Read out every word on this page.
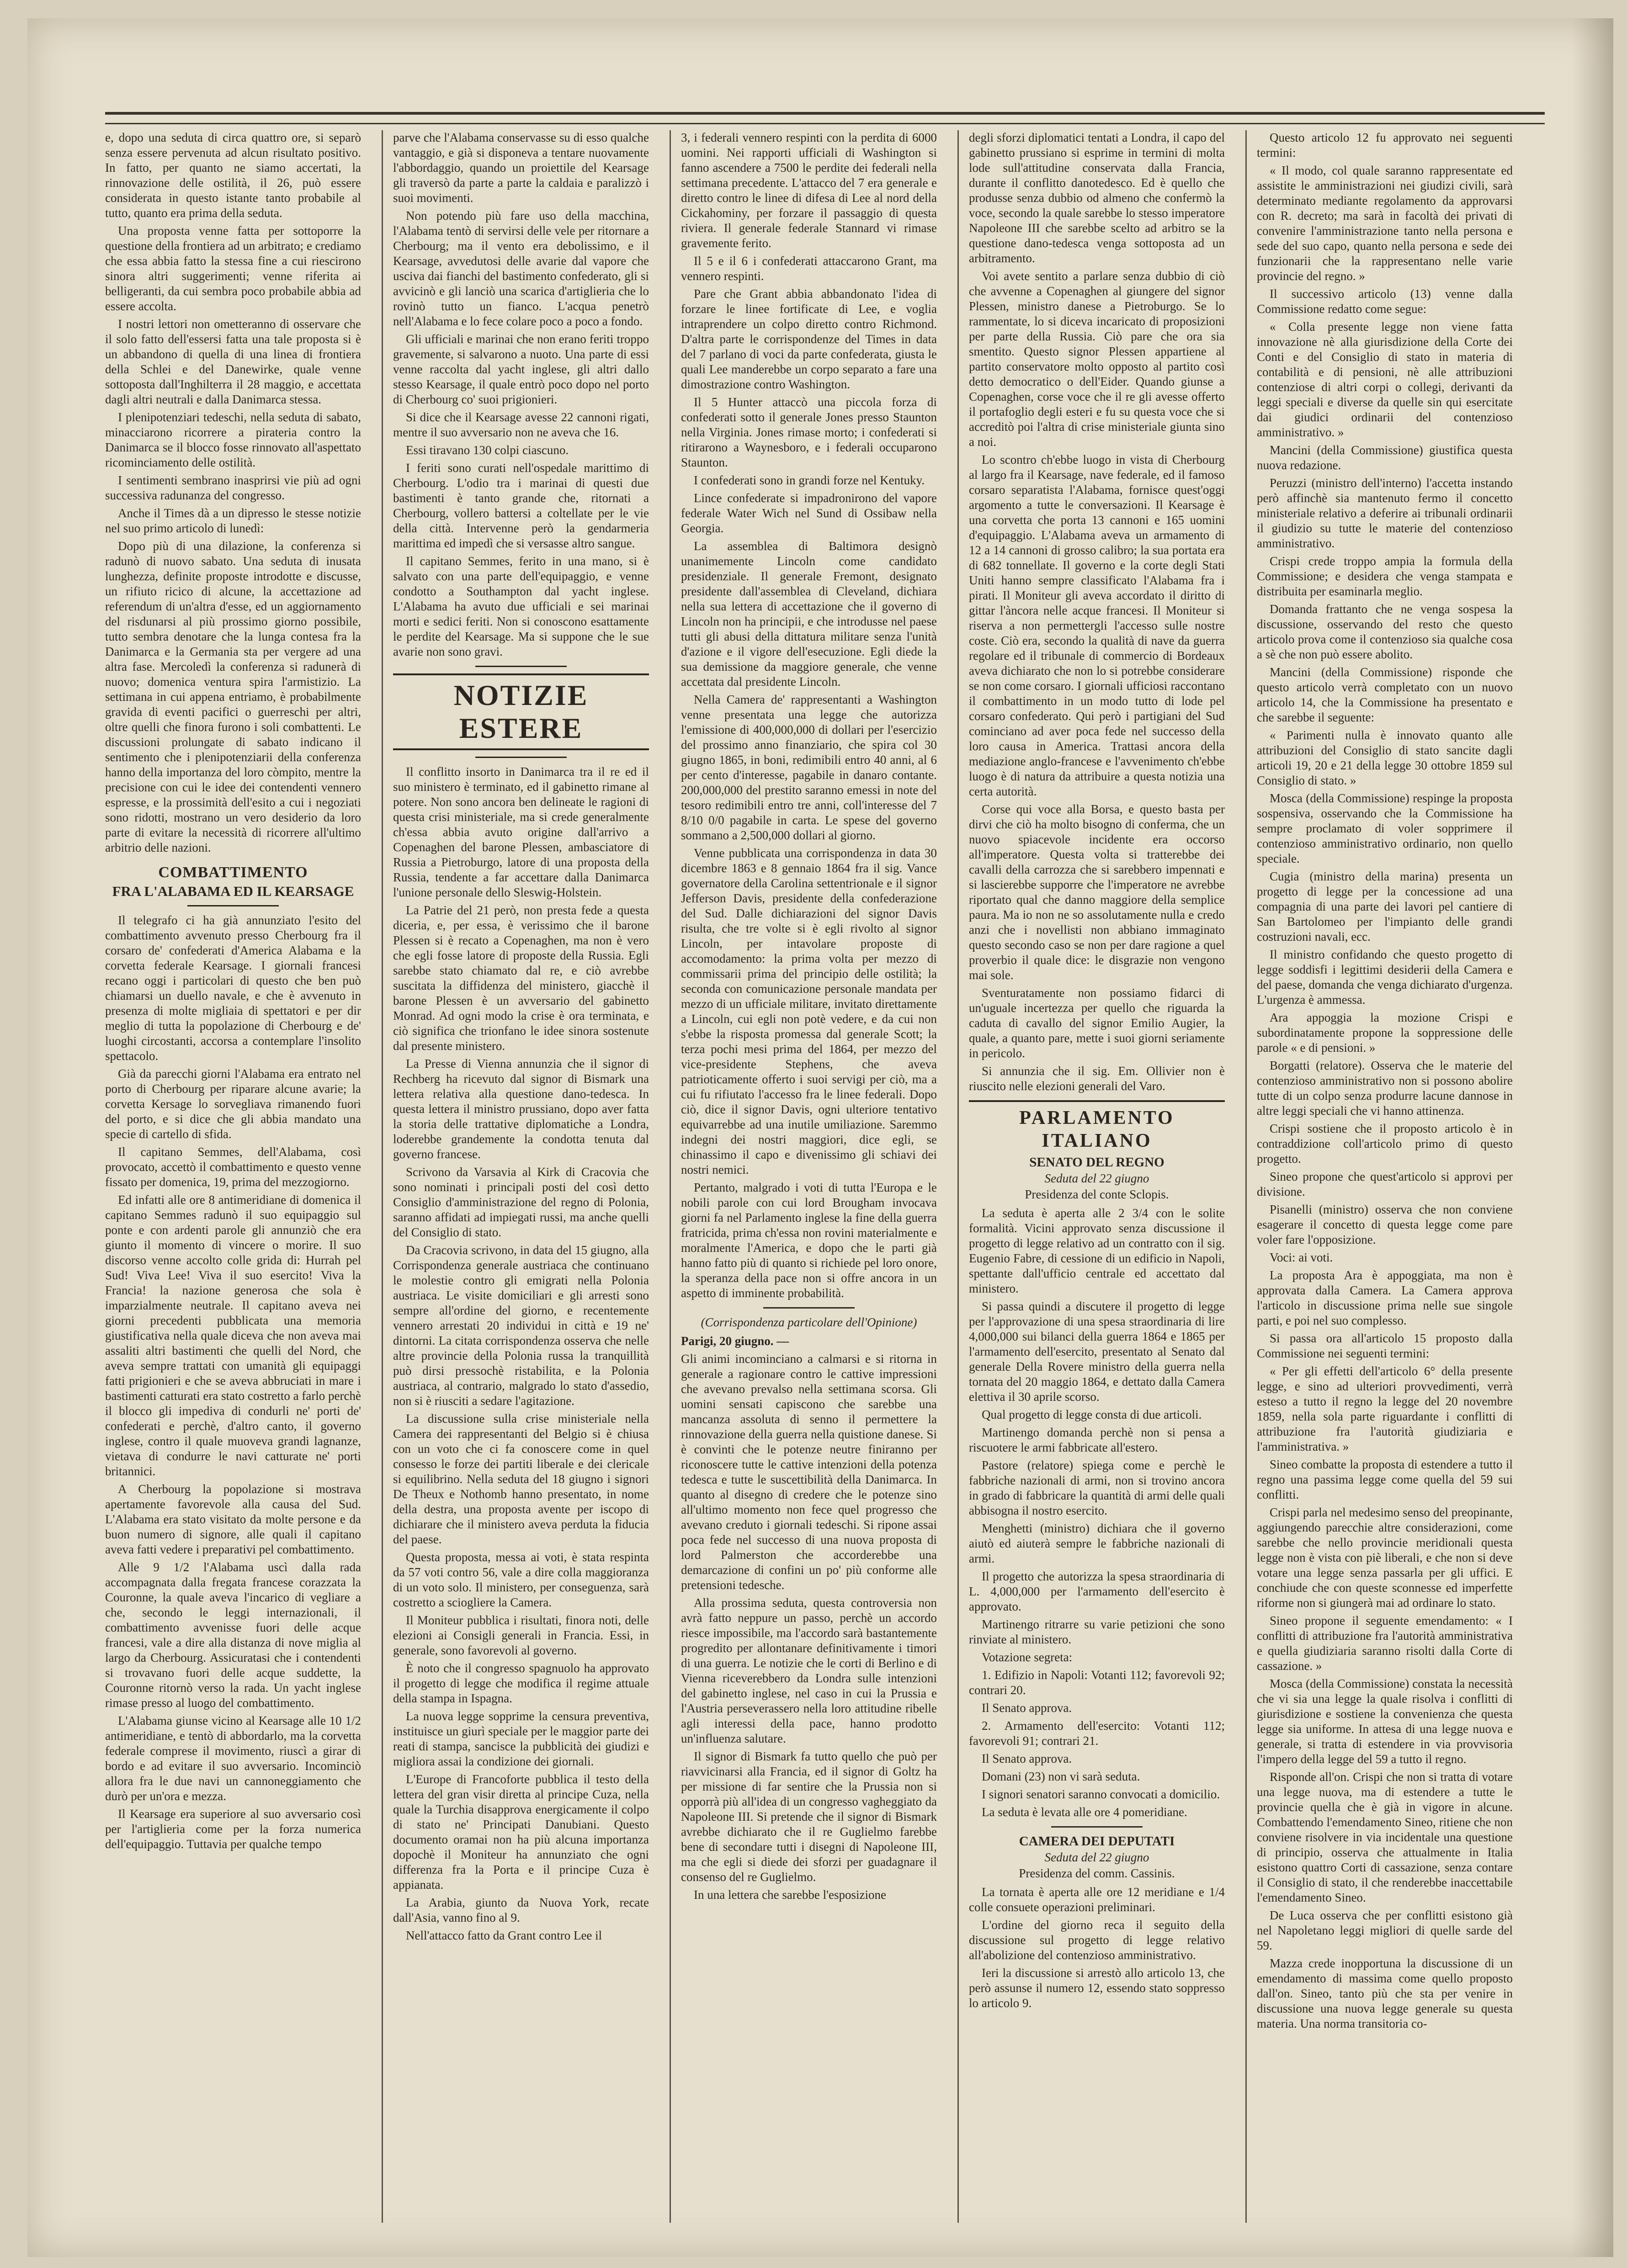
e, dopo una seduta di circa quattro ore, si separò senza essere pervenuta ad alcun risultato positivo. In fatto, per quanto ne siamo accertati, la rinnovazione delle ostilità, il 26, può essere considerata in questo istante tanto probabile al tutto, quanto era prima della seduta.

Una proposta venne fatta per sottoporre la questione della frontiera ad un arbitrato; e crediamo che essa abbia fatto la stessa fine a cui riescirono sinora altri suggerimenti; venne riferita ai belligeranti, da cui sembra poco probabile abbia ad essere accolta.

I nostri lettori non ometteranno di osservare che il solo fatto dell'essersi fatta una tale proposta si è un abbandono di quella di una linea di frontiera della Schlei e del Danewirke, quale venne sottoposta dall'Inghilterra il 28 maggio, e accettata dagli altri neutrali e dalla Danimarca stessa.

I plenipotenziari tedeschi, nella seduta di sabato, minacciarono ricorrere a pirateria contro la Danimarca se il blocco fosse rinnovato all'aspettato ricominciamento delle ostilità.

I sentimenti sembrano inasprirsi vie più ad ogni successiva radunanza del congresso.

Anche il Times dà a un dipresso le stesse notizie nel suo primo articolo di lunedì:

Dopo più di una dilazione, la conferenza si radunò di nuovo sabato. Una seduta di inusata lunghezza, definite proposte introdotte e discusse, un rifiuto ricico di alcune, la accettazione ad referendum di un'altra d'esse, ed un aggiornamento del risdunarsi al più prossimo giorno possibile, tutto sembra denotare che la lunga contesa fra la Danimarca e la Germania sta per vergere ad una altra fase. Mercoledì la conferenza si radunerà di nuovo; domenica ventura spira l'armistizio. La settimana in cui appena entriamo, è probabilmente gravida di eventi pacifici o guerreschi per altri, oltre quelli che finora furono i soli combattenti. Le discussioni prolungate di sabato indicano il sentimento che i plenipotenziarii della conferenza hanno della importanza del loro còmpito, mentre la precisione con cui le idee dei contendenti vennero espresse, e la prossimità dell'esito a cui i negoziati sono ridotti, mostrano un vero desiderio da loro parte di evitare la necessità di ricorrere all'ultimo arbitrio delle nazioni.

COMBATTIMENTO
FRA L'ALABAMA ED IL KEARSAGE

Il telegrafo ci ha già annunziato l'esito del combattimento avvenuto presso Cherbourg fra il corsaro de' confederati d'America Alabama e la corvetta federale Kearsage. I giornali francesi recano oggi i particolari di questo che ben può chiamarsi un duello navale, e che è avvenuto in presenza di molte migliaia di spettatori e per dir meglio di tutta la popolazione di Cherbourg e de' luoghi circostanti, accorsa a contemplare l'insolito spettacolo.

Già da parecchi giorni l'Alabama era entrato nel porto di Cherbourg per riparare alcune avarie; la corvetta Kersage lo sorvegliava rimanendo fuori del porto, e si dice che gli abbia mandato una specie di cartello di sfida.

Il capitano Semmes, dell'Alabama, così provocato, accettò il combattimento e questo venne fissato per domenica, 19, prima del mezzogiorno.

Ed infatti alle ore 8 antimeridiane di domenica il capitano Semmes radunò il suo equipaggio sul ponte e con ardenti parole gli annunziò che era giunto il momento di vincere o morire. Il suo discorso venne accolto colle grida di: Hurrah pel Sud! Viva Lee! Viva il suo esercito! Viva la Francia! la nazione generosa che sola è imparzialmente neutrale. Il capitano aveva nei giorni precedenti pubblicata una memoria giustificativa nella quale diceva che non aveva mai assaliti altri bastimenti che quelli del Nord, che aveva sempre trattati con umanità gli equipaggi fatti prigionieri e che se aveva abbruciati in mare i bastimenti catturati era stato costretto a farlo perchè il blocco gli impediva di condurli ne' porti de' confederati e perchè, d'altro canto, il governo inglese, contro il quale muoveva grandi lagnanze, vietava di condurre le navi catturate ne' porti britannici.

A Cherbourg la popolazione si mostrava apertamente favorevole alla causa del Sud. L'Alabama era stato visitato da molte persone e da buon numero di signore, alle quali il capitano aveva fatti vedere i preparativi pel combattimento.

Alle 9 1/2 l'Alabama uscì dalla rada accompagnata dalla fregata francese corazzata la Couronne, la quale aveva l'incarico di vegliare a che, secondo le leggi internazionali, il combattimento avvenisse fuori delle acque francesi, vale a dire alla distanza di nove miglia al largo da Cherbourg. Assicuratasi che i contendenti si trovavano fuori delle acque suddette, la Couronne ritornò verso la rada. Un yacht inglese rimase presso al luogo del combattimento.

L'Alabama giunse vicino al Kearsage alle 10 1/2 antimeridiane, e tentò di abbordarlo, ma la corvetta federale comprese il movimento, riuscì a girar di bordo e ad evitare il suo avversario. Incominciò allora fra le due navi un cannoneggiamento che durò per un'ora e mezza.

Il Kearsage era superiore al suo avversario così per l'artiglieria come per la forza numerica dell'equipaggio. Tuttavia per qualche tempo

parve che l'Alabama conservasse su di esso qualche vantaggio, e già si disponeva a tentare nuovamente l'abbordaggio, quando un proiettile del Kearsage gli traversò da parte a parte la caldaia e paralizzò i suoi movimenti.

Non potendo più fare uso della macchina, l'Alabama tentò di servirsi delle vele per ritornare a Cherbourg; ma il vento era debolissimo, e il Kearsage, avvedutosi delle avarie dal vapore che usciva dai fianchi del bastimento confederato, gli si avvicinò e gli lanciò una scarica d'artiglieria che lo rovinò tutto un fianco. L'acqua penetrò nell'Alabama e lo fece colare poco a poco a fondo.

Gli ufficiali e marinai che non erano feriti troppo gravemente, si salvarono a nuoto. Una parte di essi venne raccolta dal yacht inglese, gli altri dallo stesso Kearsage, il quale entrò poco dopo nel porto di Cherbourg co' suoi prigionieri.

Si dice che il Kearsage avesse 22 cannoni rigati, mentre il suo avversario non ne aveva che 16.

Essi tiravano 130 colpi ciascuno.

I feriti sono curati nell'ospedale marittimo di Cherbourg. L'odio tra i marinai di questi due bastimenti è tanto grande che, ritornati a Cherbourg, vollero battersi a coltellate per le vie della città. Intervenne però la gendarmeria marittima ed impedì che si versasse altro sangue.

Il capitano Semmes, ferito in una mano, si è salvato con una parte dell'equipaggio, e venne condotto a Southampton dal yacht inglese. L'Alabama ha avuto due ufficiali e sei marinai morti e sedici feriti. Non si conoscono esattamente le perdite del Kearsage. Ma si suppone che le sue avarie non sono gravi.

NOTIZIE ESTERE

Il conflitto insorto in Danimarca tra il re ed il suo ministero è terminato, ed il gabinetto rimane al potere. Non sono ancora ben delineate le ragioni di questa crisi ministeriale, ma si crede generalmente ch'essa abbia avuto origine dall'arrivo a Copenaghen del barone Plessen, ambasciatore di Russia a Pietroburgo, latore di una proposta della Russia, tendente a far accettare dalla Danimarca l'unione personale dello Sleswig-Holstein.

La Patrie del 21 però, non presta fede a questa diceria, e, per essa, è verissimo che il barone Plessen si è recato a Copenaghen, ma non è vero che egli fosse latore di proposte della Russia. Egli sarebbe stato chiamato dal re, e ciò avrebbe suscitata la diffidenza del ministero, giacchè il barone Plessen è un avversario del gabinetto Monrad. Ad ogni modo la crise è ora terminata, e ciò significa che trionfano le idee sinora sostenute dal presente ministero.

La Presse di Vienna annunzia che il signor di Rechberg ha ricevuto dal signor di Bismark una lettera relativa alla questione dano-tedesca. In questa lettera il ministro prussiano, dopo aver fatta la storia delle trattative diplomatiche a Londra, loderebbe grandemente la condotta tenuta dal governo francese.

Scrivono da Varsavia al Kirk di Cracovia che sono nominati i principali posti del così detto Consiglio d'amministrazione del regno di Polonia, saranno affidati ad impiegati russi, ma anche quelli del Consiglio di stato.

Da Cracovia scrivono, in data del 15 giugno, alla Corrispondenza generale austriaca che continuano le molestie contro gli emigrati nella Polonia austriaca. Le visite domiciliari e gli arresti sono sempre all'ordine del giorno, e recentemente vennero arrestati 20 individui in città e 19 ne' dintorni. La citata corrispondenza osserva che nelle altre provincie della Polonia russa la tranquillità può dirsi pressochè ristabilita, e la Polonia austriaca, al contrario, malgrado lo stato d'assedio, non si è riusciti a sedare l'agitazione.

La discussione sulla crise ministeriale nella Camera dei rappresentanti del Belgio si è chiusa con un voto che ci fa conoscere come in quel consesso le forze dei partiti liberale e dei clericale si equilibrino. Nella seduta del 18 giugno i signori De Theux e Nothomb hanno presentato, in nome della destra, una proposta avente per iscopo di dichiarare che il ministero aveva perduta la fiducia del paese.

Questa proposta, messa ai voti, è stata respinta da 57 voti contro 56, vale a dire colla maggioranza di un voto solo. Il ministero, per conseguenza, sarà costretto a sciogliere la Camera.

Il Moniteur pubblica i risultati, finora noti, delle elezioni ai Consigli generali in Francia. Essi, in generale, sono favorevoli al governo.

È noto che il congresso spagnuolo ha approvato il progetto di legge che modifica il regime attuale della stampa in Ispagna.

La nuova legge sopprime la censura preventiva, instituisce un giurì speciale per le maggior parte dei reati di stampa, sancisce la pubblicità dei giudizi e migliora assai la condizione dei giornali.

L'Europe di Francoforte pubblica il testo della lettera del gran visir diretta al principe Cuza, nella quale la Turchia disapprova energicamente il colpo di stato ne' Principati Danubiani. Questo documento oramai non ha più alcuna importanza dopochè il Moniteur ha annunziato che ogni differenza fra la Porta e il principe Cuza è appianata.

La Arabia, giunto da Nuova York, recate dall'Asia, vanno fino al 9.

Nell'attacco fatto da Grant contro Lee il

3, i federali vennero respinti con la perdita di 6000 uomini. Nei rapporti ufficiali di Washington si fanno ascendere a 7500 le perdite dei federali nella settimana precedente. L'attacco del 7 era generale e diretto contro le linee di difesa di Lee al nord della Cickahominy, per forzare il passaggio di questa riviera. Il generale federale Stannard vi rimase gravemente ferito.

Il 5 e il 6 i confederati attaccarono Grant, ma vennero respinti.

Pare che Grant abbia abbandonato l'idea di forzare le linee fortificate di Lee, e voglia intraprendere un colpo diretto contro Richmond. D'altra parte le corrispondenze del Times in data del 7 parlano di voci da parte confederata, giusta le quali Lee manderebbe un corpo separato a fare una dimostrazione contro Washington.

Il 5 Hunter attaccò una piccola forza di confederati sotto il generale Jones presso Staunton nella Virginia. Jones rimase morto; i confederati si ritirarono a Waynesboro, e i federali occuparono Staunton.

I confederati sono in grandi forze nel Kentuky.

Lince confederate si impadronirono del vapore federale Water Wich nel Sund di Ossibaw nella Georgia.

La assemblea di Baltimora designò unanimemente Lincoln come candidato presidenziale. Il generale Fremont, designato presidente dall'assemblea di Cleveland, dichiara nella sua lettera di accettazione che il governo di Lincoln non ha principii, e che introdusse nel paese tutti gli abusi della dittatura militare senza l'unità d'azione e il vigore dell'esecuzione. Egli diede la sua demissione da maggiore generale, che venne accettata dal presidente Lincoln.

Nella Camera de' rappresentanti a Washington venne presentata una legge che autorizza l'emissione di 400,000,000 di dollari per l'esercizio del prossimo anno finanziario, che spira col 30 giugno 1865, in boni, redimibili entro 40 anni, al 6 per cento d'interesse, pagabile in danaro contante. 200,000,000 del prestito saranno emessi in note del tesoro redimibili entro tre anni, coll'interesse del 7 8/10 0/0 pagabile in carta. Le spese del governo sommano a 2,500,000 dollari al giorno.

Venne pubblicata una corrispondenza in data 30 dicembre 1863 e 8 gennaio 1864 fra il sig. Vance governatore della Carolina settentrionale e il signor Jefferson Davis, presidente della confederazione del Sud. Dalle dichiarazioni del signor Davis risulta, che tre volte si è egli rivolto al signor Lincoln, per intavolare proposte di accomodamento: la prima volta per mezzo di commissarii prima del principio delle ostilità; la seconda con comunicazione personale mandata per mezzo di un ufficiale militare, invitato direttamente a Lincoln, cui egli non potè vedere, e da cui non s'ebbe la risposta promessa dal generale Scott; la terza pochi mesi prima del 1864, per mezzo del vice-presidente Stephens, che aveva patrioticamente offerto i suoi servigi per ciò, ma a cui fu rifiutato l'accesso fra le linee federali. Dopo ciò, dice il signor Davis, ogni ulteriore tentativo equivarrebbe ad una inutile umiliazione. Saremmo indegni dei nostri maggiori, dice egli, se chinassimo il capo e divenissimo gli schiavi dei nostri nemici.

Pertanto, malgrado i voti di tutta l'Europa e le nobili parole con cui lord Brougham invocava giorni fa nel Parlamento inglese la fine della guerra fratricida, prima ch'essa non rovini materialmente e moralmente l'America, e dopo che le parti già hanno fatto più di quanto si richiede pel loro onore, la speranza della pace non si offre ancora in un aspetto di imminente probabilità.

(Corrispondenza particolare dell'Opinione)

Parigi, 20 giugno. —

Gli animi incominciano a calmarsi e si ritorna in generale a ragionare contro le cattive impressioni che avevano prevalso nella settimana scorsa. Gli uomini sensati capiscono che sarebbe una mancanza assoluta di senno il permettere la rinnovazione della guerra nella quistione danese. Si è convinti che le potenze neutre finiranno per riconoscere tutte le cattive intenzioni della potenza tedesca e tutte le suscettibilità della Danimarca. In quanto al disegno di credere che le potenze sino all'ultimo momento non fece quel progresso che avevano creduto i giornali tedeschi. Si ripone assai poca fede nel successo di una nuova proposta di lord Palmerston che accorderebbe una demarcazione di confini un po' più conforme alle pretensioni tedesche.

Alla prossima seduta, questa controversia non avrà fatto neppure un passo, perchè un accordo riesce impossibile, ma l'accordo sarà bastantemente progredito per allontanare definitivamente i timori di una guerra. Le notizie che le corti di Berlino e di Vienna riceverebbero da Londra sulle intenzioni del gabinetto inglese, nel caso in cui la Prussia e l'Austria perseverassero nella loro attitudine ribelle agli interessi della pace, hanno prodotto un'influenza salutare.

Il signor di Bismark fa tutto quello che può per riavvicinarsi alla Francia, ed il signor di Goltz ha per missione di far sentire che la Prussia non si opporrà più all'idea di un congresso vagheggiato da Napoleone III. Si pretende che il signor di Bismark avrebbe dichiarato che il re Guglielmo farebbe bene di secondare tutti i disegni di Napoleone III, ma che egli si diede dei sforzi per guadagnare il consenso del re Guglielmo.

In una lettera che sarebbe l'esposizione

degli sforzi diplomatici tentati a Londra, il capo del gabinetto prussiano si esprime in termini di molta lode sull'attitudine conservata dalla Francia, durante il conflitto danotedesco. Ed è quello che produsse senza dubbio od almeno che confermò la voce, secondo la quale sarebbe lo stesso imperatore Napoleone III che sarebbe scelto ad arbitro se la questione dano-tedesca venga sottoposta ad un arbitramento.

Voi avete sentito a parlare senza dubbio di ciò che avvenne a Copenaghen al giungere del signor Plessen, ministro danese a Pietroburgo. Se lo rammentate, lo si diceva incaricato di proposizioni per parte della Russia. Ciò pare che ora sia smentito. Questo signor Plessen appartiene al partito conservatore molto opposto al partito così detto democratico o dell'Eider. Quando giunse a Copenaghen, corse voce che il re gli avesse offerto il portafoglio degli esteri e fu su questa voce che si accreditò poi l'altra di crise ministeriale giunta sino a noi.

Lo scontro ch'ebbe luogo in vista di Cherbourg al largo fra il Kearsage, nave federale, ed il famoso corsaro separatista l'Alabama, fornisce quest'oggi argomento a tutte le conversazioni. Il Kearsage è una corvetta che porta 13 cannoni e 165 uomini d'equipaggio. L'Alabama aveva un armamento di 12 a 14 cannoni di grosso calibro; la sua portata era di 682 tonnellate. Il governo e la corte degli Stati Uniti hanno sempre classificato l'Alabama fra i pirati. Il Moniteur gli aveva accordato il diritto di gittar l'àncora nelle acque francesi. Il Moniteur si riserva a non permettergli l'accesso sulle nostre coste. Ciò era, secondo la qualità di nave da guerra regolare ed il tribunale di commercio di Bordeaux aveva dichiarato che non lo si potrebbe considerare se non come corsaro. I giornali ufficiosi raccontano il combattimento in un modo tutto di lode pel corsaro confederato. Qui però i partigiani del Sud cominciano ad aver poca fede nel successo della loro causa in America. Trattasi ancora della mediazione anglo-francese e l'avvenimento ch'ebbe luogo è di natura da attribuire a questa notizia una certa autorità.

Corse qui voce alla Borsa, e questo basta per dirvi che ciò ha molto bisogno di conferma, che un nuovo spiacevole incidente era occorso all'imperatore. Questa volta si tratterebbe dei cavalli della carrozza che si sarebbero impennati e si lascierebbe supporre che l'imperatore ne avrebbe riportato qual che danno maggiore della semplice paura. Ma io non ne so assolutamente nulla e credo anzi che i novellisti non abbiano immaginato questo secondo caso se non per dare ragione a quel proverbio il quale dice: le disgrazie non vengono mai sole.

Sventuratamente non possiamo fidarci di un'uguale incertezza per quello che riguarda la caduta di cavallo del signor Emilio Augier, la quale, a quanto pare, mette i suoi giorni seriamente in pericolo.

Si annunzia che il sig. Em. Ollivier non è riuscito nelle elezioni generali del Varo.

PARLAMENTO ITALIANO
SENATO DEL REGNO
Seduta del 22 giugno
Presidenza del conte Sclopis.

La seduta è aperta alle 2 3/4 con le solite formalità. Vicini approvato senza discussione il progetto di legge relativo ad un contratto con il sig. Eugenio Fabre, di cessione di un edificio in Napoli, spettante dall'ufficio centrale ed accettato dal ministero.

Si passa quindi a discutere il progetto di legge per l'approvazione di una spesa straordinaria di lire 4,000,000 sui bilanci della guerra 1864 e 1865 per l'armamento dell'esercito, presentato al Senato dal generale Della Rovere ministro della guerra nella tornata del 20 maggio 1864, e dettato dalla Camera elettiva il 30 aprile scorso.

Qual progetto di legge consta di due articoli.

Martinengo domanda perchè non si pensa a riscuotere le armi fabbricate all'estero.

Pastore (relatore) spiega come e perchè le fabbriche nazionali di armi, non si trovino ancora in grado di fabbricare la quantità di armi delle quali abbisogna il nostro esercito.

Menghetti (ministro) dichiara che il governo aiutò ed aiuterà sempre le fabbriche nazionali di armi.

Il progetto che autorizza la spesa straordinaria di L. 4,000,000 per l'armamento dell'esercito è approvato.

Martinengo ritrarre su varie petizioni che sono rinviate al ministero.

Votazione segreta:

1. Edifizio in Napoli: Votanti 112; favorevoli 92; contrari 20.

Il Senato approva.

2. Armamento dell'esercito: Votanti 112; favorevoli 91; contrari 21.

Il Senato approva.

Domani (23) non vi sarà seduta.

I signori senatori saranno convocati a domicilio.

La seduta è levata alle ore 4 pomeridiane.

CAMERA DEI DEPUTATI
Seduta del 22 giugno
Presidenza del comm. Cassinis.

La tornata è aperta alle ore 12 meridiane e 1/4 colle consuete operazioni preliminari.

L'ordine del giorno reca il seguito della discussione sul progetto di legge relativo all'abolizione del contenzioso amministrativo.

Ieri la discussione si arrestò allo articolo 13, che però assunse il numero 12, essendo stato soppresso lo articolo 9.

Questo articolo 12 fu approvato nei seguenti termini:

« Il modo, col quale saranno rappresentate ed assistite le amministrazioni nei giudizi civili, sarà determinato mediante regolamento da approvarsi con R. decreto; ma sarà in facoltà dei privati di convenire l'amministrazione tanto nella persona e sede del suo capo, quanto nella persona e sede dei funzionarii che la rappresentano nelle varie provincie del regno. »

Il successivo articolo (13) venne dalla Commissione redatto come segue:

« Colla presente legge non viene fatta innovazione nè alla giurisdizione della Corte dei Conti e del Consiglio di stato in materia di contabilità e di pensioni, nè alle attribuzioni contenziose di altri corpi o collegi, derivanti da leggi speciali e diverse da quelle sin qui esercitate dai giudici ordinarii del contenzioso amministrativo. »

Mancini (della Commissione) giustifica questa nuova redazione.

Peruzzi (ministro dell'interno) l'accetta instando però affinchè sia mantenuto fermo il concetto ministeriale relativo a deferire ai tribunali ordinarii il giudizio su tutte le materie del contenzioso amministrativo.

Crispi crede troppo ampia la formula della Commissione; e desidera che venga stampata e distribuita per esaminarla meglio.

Domanda frattanto che ne venga sospesa la discussione, osservando del resto che questo articolo prova come il contenzioso sia qualche cosa a sè che non può essere abolito.

Mancini (della Commissione) risponde che questo articolo verrà completato con un nuovo articolo 14, che la Commissione ha presentato e che sarebbe il seguente:

« Parimenti nulla è innovato quanto alle attribuzioni del Consiglio di stato sancite dagli articoli 19, 20 e 21 della legge 30 ottobre 1859 sul Consiglio di stato. »

Mosca (della Commissione) respinge la proposta sospensiva, osservando che la Commissione ha sempre proclamato di voler sopprimere il contenzioso amministrativo ordinario, non quello speciale.

Cugia (ministro della marina) presenta un progetto di legge per la concessione ad una compagnia di una parte dei lavori pel cantiere di San Bartolomeo per l'impianto delle grandi costruzioni navali, ecc.

Il ministro confidando che questo progetto di legge soddisfi i legittimi desiderii della Camera e del paese, domanda che venga dichiarato d'urgenza. L'urgenza è ammessa.

Ara appoggia la mozione Crispi e subordinatamente propone la soppressione delle parole « e di pensioni. »

Borgatti (relatore). Osserva che le materie del contenzioso amministrativo non si possono abolire tutte di un colpo senza produrre lacune dannose in altre leggi speciali che vi hanno attinenza.

Crispi sostiene che il proposto articolo è in contraddizione coll'articolo primo di questo progetto.

Sineo propone che quest'articolo si approvi per divisione.

Pisanelli (ministro) osserva che non conviene esagerare il concetto di questa legge come pare voler fare l'opposizione.

Voci: ai voti.

La proposta Ara è appoggiata, ma non è approvata dalla Camera. La Camera approva l'articolo in discussione prima nelle sue singole parti, e poi nel suo complesso.

Si passa ora all'articolo 15 proposto dalla Commissione nei seguenti termini:

« Per gli effetti dell'articolo 6° della presente legge, e sino ad ulteriori provvedimenti, verrà esteso a tutto il regno la legge del 20 novembre 1859, nella sola parte riguardante i conflitti di attribuzione fra l'autorità giudiziaria e l'amministrativa. »

Sineo combatte la proposta di estendere a tutto il regno una passima legge come quella del 59 sui conflitti.

Crispi parla nel medesimo senso del preopinante, aggiungendo parecchie altre considerazioni, come sarebbe che nello provincie meridionali questa legge non è vista con piè liberali, e che non si deve votare una legge senza passarla per gli uffici. E conchiude che con queste sconnesse ed imperfette riforme non si giungerà mai ad ordinare lo stato.

Sineo propone il seguente emendamento: « I conflitti di attribuzione fra l'autorità amministrativa e quella giudiziaria saranno risolti dalla Corte di cassazione. »

Mosca (della Commissione) constata la necessità che vi sia una legge la quale risolva i conflitti di giurisdizione e sostiene la convenienza che questa legge sia uniforme. In attesa di una legge nuova e generale, si tratta di estendere in via provvisoria l'impero della legge del 59 a tutto il regno.

Risponde all'on. Crispi che non si tratta di votare una legge nuova, ma di estendere a tutte le provincie quella che è già in vigore in alcune. Combattendo l'emendamento Sineo, ritiene che non conviene risolvere in via incidentale una questione di principio, osserva che attualmente in Italia esistono quattro Corti di cassazione, senza contare il Consiglio di stato, il che renderebbe inaccettabile l'emendamento Sineo.

De Luca osserva che per conflitti esistono già nel Napoletano leggi migliori di quelle sarde del 59.

Mazza crede inopportuna la discussione di un emendamento di massima come quello proposto dall'on. Sineo, tanto più che sta per venire in discussione una nuova legge generale su questa materia. Una norma transitoria co-
